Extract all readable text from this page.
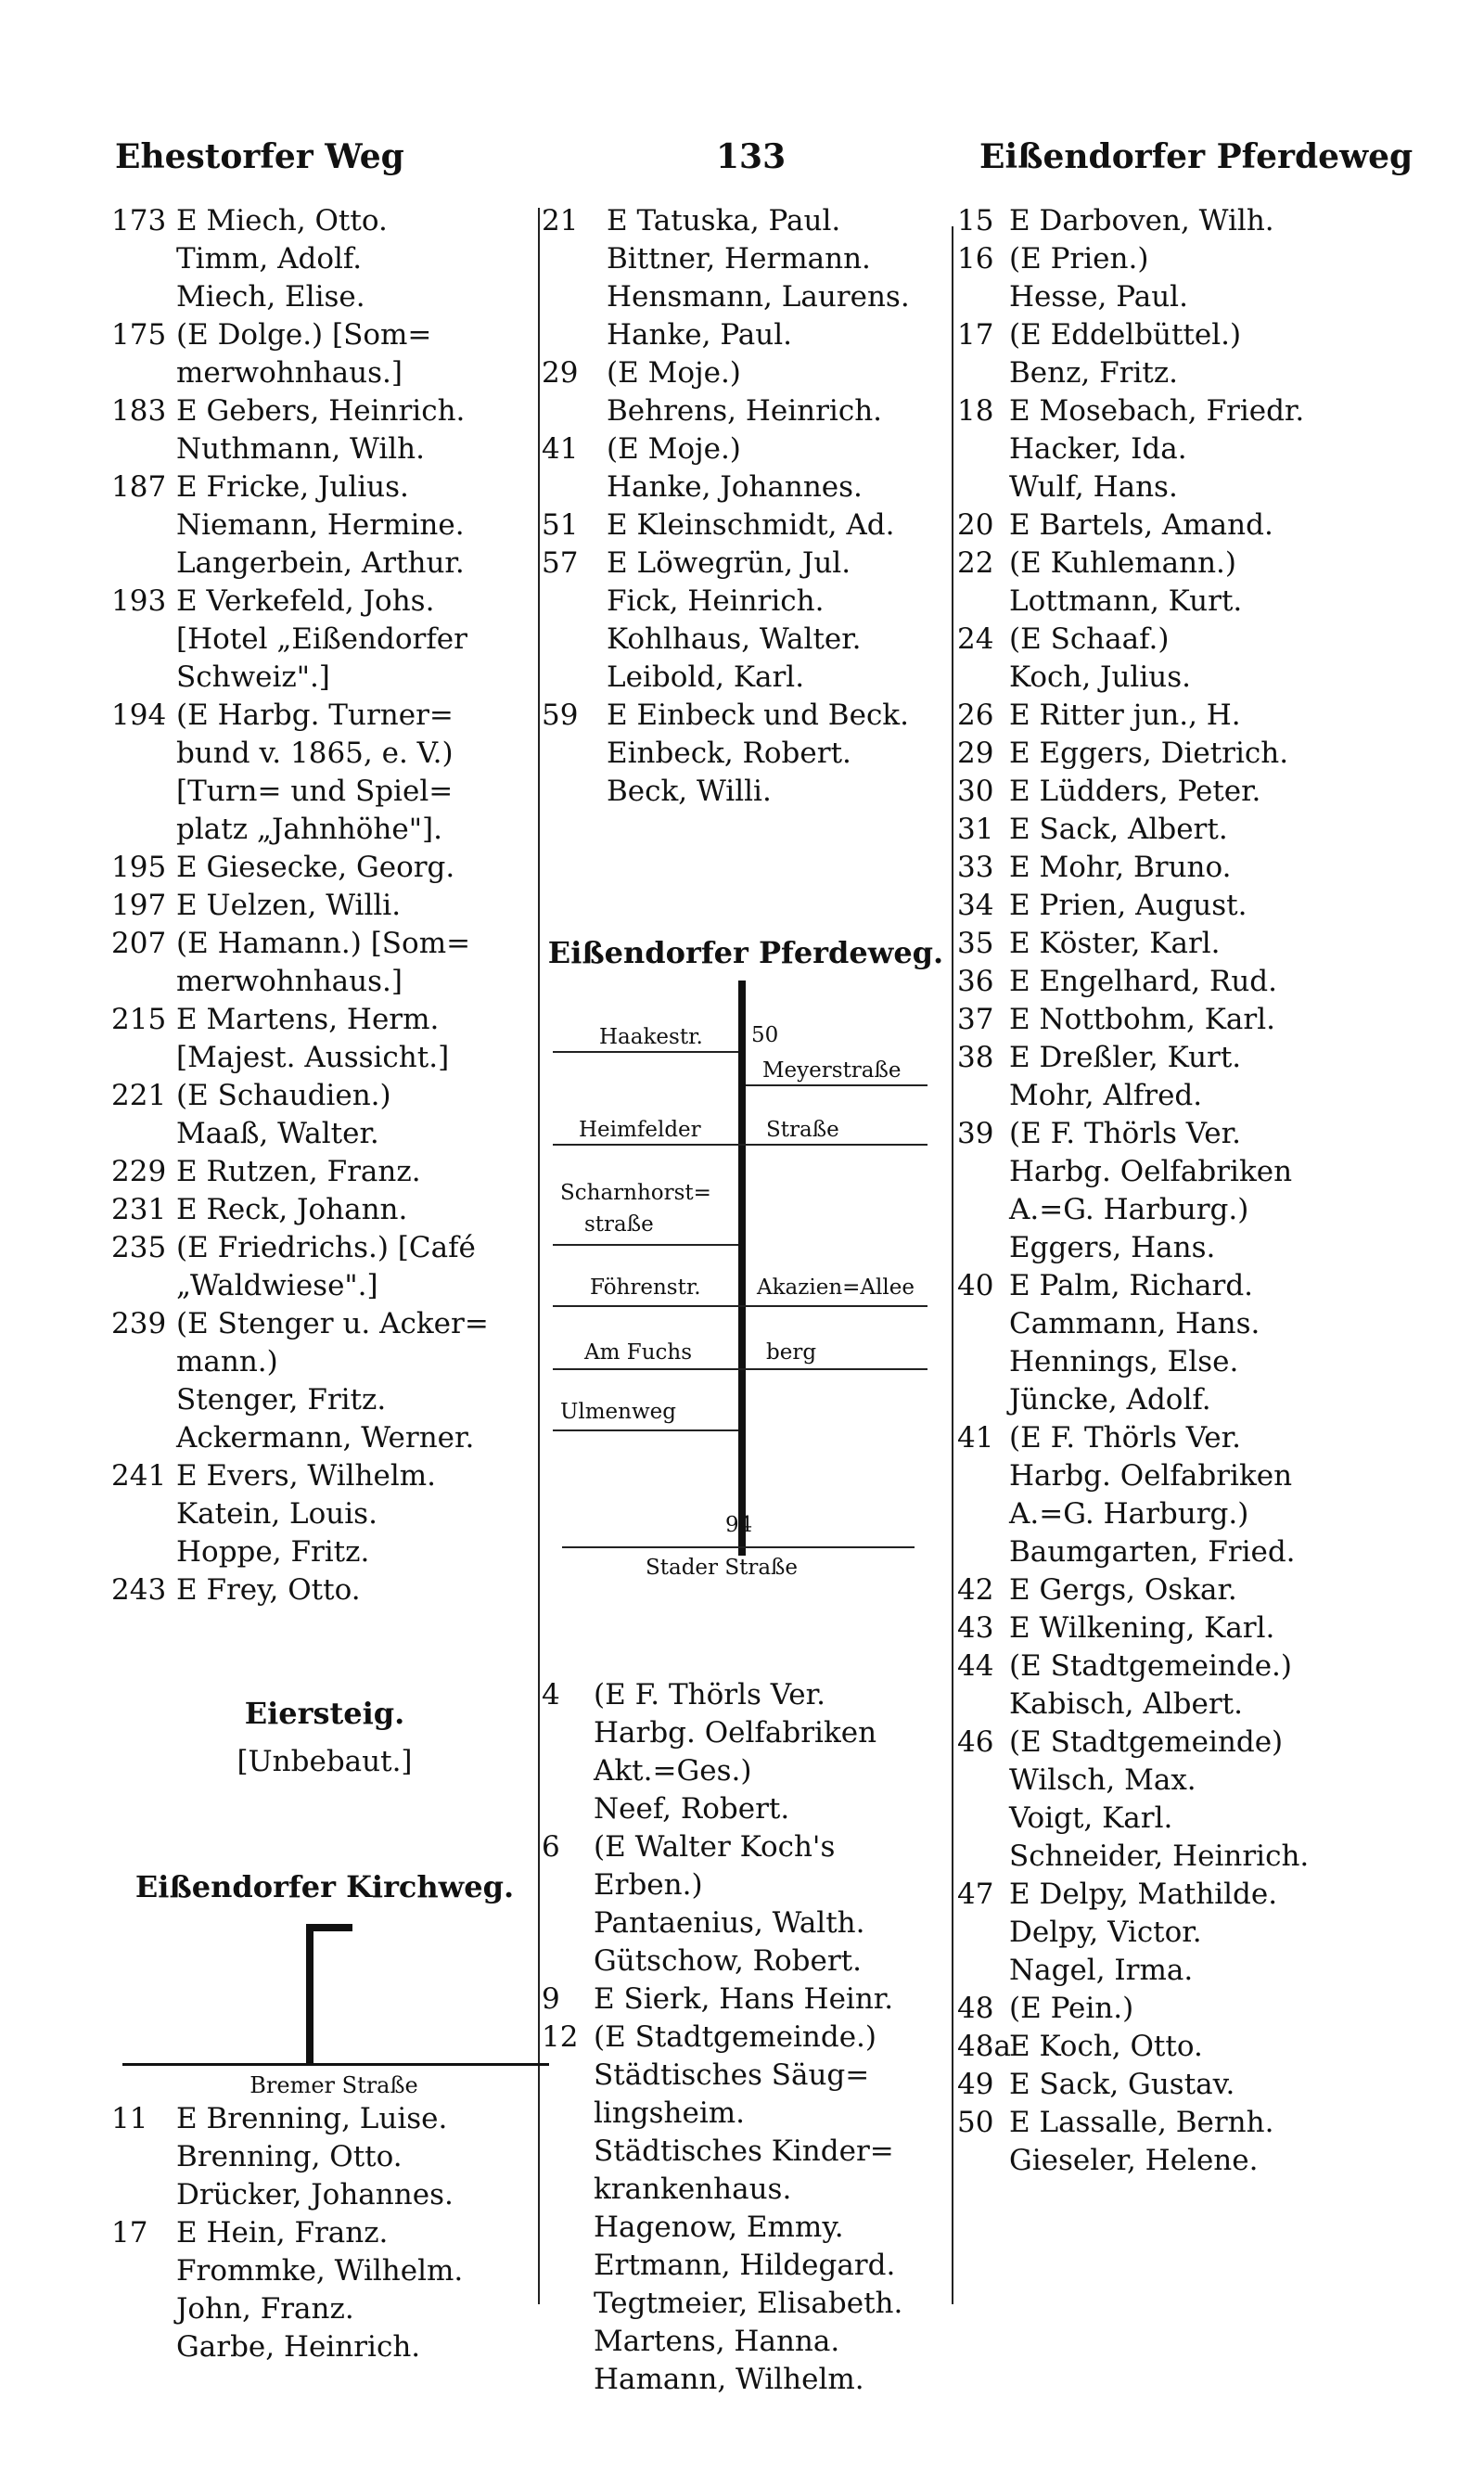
Ehestorfer Weg	133	Eißendorfer Pferdeweg
173 E Miech, Otto.
Timm, Adolf.
Miech, Elise.
175 (E Dolge.) [Som=
merwohnhaus.]
183 E Gebers, Heinrich.
Nuthmann, Wilh.
187 E Fricke, Julius.
Niemann, Hermine.
Langerbein, Arthur.
193 E Verkefeld, Johs.
[Hotel „Eißendorfer
Schweiz".]
194 (E Harbg. Turner=
bund v. 1865, e. V.)
[Turn= und Spiel=
platz „Jahnhöhe"].
195 E Giesecke, Georg.
197 E Uelzen, Willi.
207 (E Hamann.) [Som=
merwohnhaus.]
215 E Martens, Herm.
[Majest. Aussicht.]
221 (E Schaudien.)
Maaß, Walter.
229 E Rutzen, Franz.
231 E Reck, Johann.
235 (E Friedrichs.) [Café
„Waldwiese".]
239 (E Stenger u. Acker=
mann.)
Stenger, Fritz.
Ackermann, Werner.
241 E Evers, Wilhelm.
Katein, Louis.
Hoppe, Fritz.
243 E Frey, Otto.
Eiersteig.
[Unbebaut.]
Eißendorfer Kirchweg.
Bremer Straße
11 E Brenning, Luise.
Brenning, Otto.
Drücker, Johannes.
17 E Hein, Franz.
Frommke, Wilhelm.
John, Franz.
Garbe, Heinrich.
21 E Tatuska, Paul.
Bittner, Hermann.
Hensmann, Laurens.
Hanke, Paul.
29 (E Moje.)
Behrens, Heinrich.
41 (E Moje.)
Hanke, Johannes.
51 E Kleinschmidt, Ad.
57 E Löwegrün, Jul.
Fick, Heinrich.
Kohlhaus, Walter.
Leibold, Karl.
59 E Einbeck und Beck.
Einbeck, Robert.
Beck, Willi.
Eißendorfer Pferdeweg.
Haakestr. 50
Meyerstraße
Heimfelder	Straße
Scharnhorst=
straße
Föhrenstr.	Akazien=Allee
Am Fuchs	berg
Ulmenweg
94
Stader Straße
4 (E F. Thörls Ver.
Harbg. Oelfabriken
Akt.=Ges.)
Neef, Robert.
6 (E Walter Koch's
Erben.)
Pantaenius, Walth.
Gütschow, Robert.
9 E Sierk, Hans Heinr.
12 (E Stadtgemeinde.)
Städtisches Säug=
lingsheim.
Städtisches Kinder=
krankenhaus.
Hagenow, Emmy.
Ertmann, Hildegard.
Tegtmeier, Elisabeth.
Martens, Hanna.
Hamann, Wilhelm.
15 E Darboven, Wilh.
16 (E Prien.)
Hesse, Paul.
17 (E Eddelbüttel.)
Benz, Fritz.
18 E Mosebach, Friedr.
Hacker, Ida.
Wulf, Hans.
20 E Bartels, Amand.
22 (E Kuhlemann.)
Lottmann, Kurt.
24 (E Schaaf.)
Koch, Julius.
26 E Ritter jun., H.
29 E Eggers, Dietrich.
30 E Lüdders, Peter.
31 E Sack, Albert.
33 E Mohr, Bruno.
34 E Prien, August.
35 E Köster, Karl.
36 E Engelhard, Rud.
37 E Nottbohm, Karl.
38 E Dreßler, Kurt.
Mohr, Alfred.
39 (E F. Thörls Ver.
Harbg. Oelfabriken
A.=G. Harburg.)
Eggers, Hans.
40 E Palm, Richard.
Cammann, Hans.
Hennings, Else.
Jüncke, Adolf.
41 (E F. Thörls Ver.
Harbg. Oelfabriken
A.=G. Harburg.)
Baumgarten, Fried.
42 E Gergs, Oskar.
43 E Wilkening, Karl.
44 (E Stadtgemeinde.)
Kabisch, Albert.
46 (E Stadtgemeinde)
Wilsch, Max.
Voigt, Karl.
Schneider, Heinrich.
47 E Delpy, Mathilde.
Delpy, Victor.
Nagel, Irma.
48 (E Pein.)
48aE Koch, Otto.
49 E Sack, Gustav.
50 E Lassalle, Bernh.
Gieseler, Helene.
